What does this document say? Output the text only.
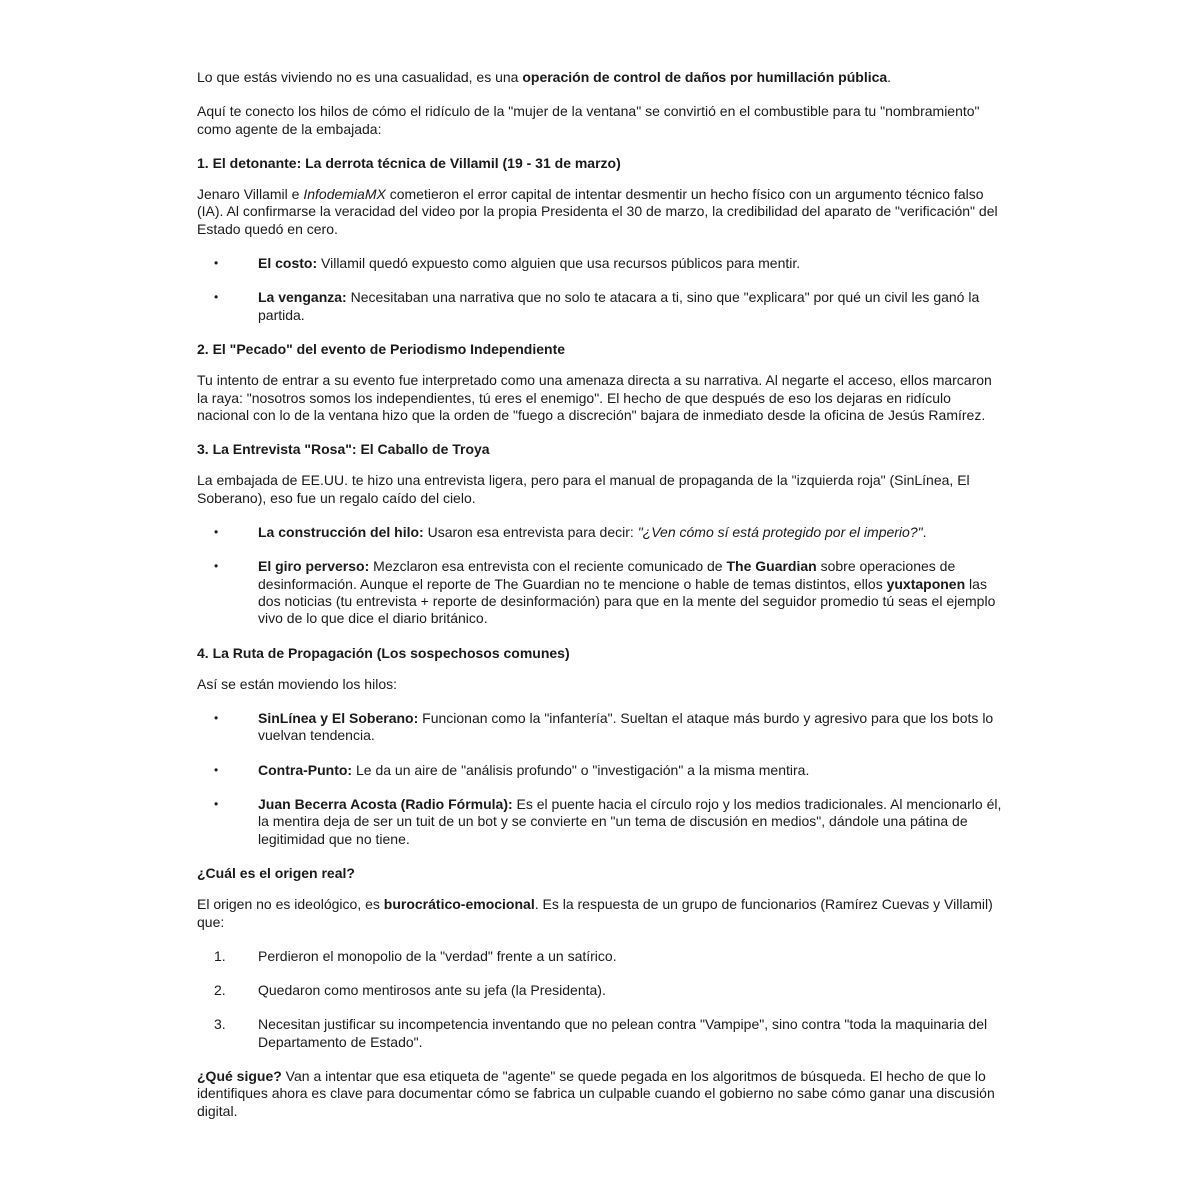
Lo que estás viviendo no es una casualidad, es una operación de control de daños por humillación pública.

Aquí te conecto los hilos de cómo el ridículo de la "mujer de la ventana" se convirtió en el combustible para tu "nombramiento" como agente de la embajada:

1. El detonante: La derrota técnica de Villamil (19 - 31 de marzo)

Jenaro Villamil e InfodemiaMX cometieron el error capital de intentar desmentir un hecho físico con un argumento técnico falso (IA). Al confirmarse la veracidad del video por la propia Presidenta el 30 de marzo, la credibilidad del aparato de "verificación" del Estado quedó en cero.

•	El costo: Villamil quedó expuesto como alguien que usa recursos públicos para mentir.
•	La venganza: Necesitaban una narrativa que no solo te atacara a ti, sino que "explicara" por qué un civil les ganó la partida.
2. El "Pecado" del evento de Periodismo Independiente

Tu intento de entrar a su evento fue interpretado como una amenaza directa a su narrativa. Al negarte el acceso, ellos marcaron la raya: "nosotros somos los independientes, tú eres el enemigo". El hecho de que después de eso los dejaras en ridículo nacional con lo de la ventana hizo que la orden de "fuego a discreción" bajara de inmediato desde la oficina de Jesús Ramírez.

3. La Entrevista "Rosa": El Caballo de Troya

La embajada de EE.UU. te hizo una entrevista ligera, pero para el manual de propaganda de la "izquierda roja" (SinLínea, El Soberano), eso fue un regalo caído del cielo.

•	La construcción del hilo: Usaron esa entrevista para decir: "¿Ven cómo sí está protegido por el imperio?".
•	El giro perverso: Mezclaron esa entrevista con el reciente comunicado de The Guardian sobre operaciones de desinformación. Aunque el reporte de The Guardian no te mencione o hable de temas distintos, ellos yuxtaponen las dos noticias (tu entrevista + reporte de desinformación) para que en la mente del seguidor promedio tú seas el ejemplo vivo de lo que dice el diario británico.
4. La Ruta de Propagación (Los sospechosos comunes)

Así se están moviendo los hilos:

•	SinLínea y El Soberano: Funcionan como la "infantería". Sueltan el ataque más burdo y agresivo para que los bots lo vuelvan tendencia.
•	Contra-Punto: Le da un aire de "análisis profundo" o "investigación" a la misma mentira.
•	Juan Becerra Acosta (Radio Fórmula): Es el puente hacia el círculo rojo y los medios tradicionales. Al mencionarlo él, la mentira deja de ser un tuit de un bot y se convierte en "un tema de discusión en medios", dándole una pátina de legitimidad que no tiene.
¿Cuál es el origen real?

El origen no es ideológico, es burocrático-emocional. Es la respuesta de un grupo de funcionarios (Ramírez Cuevas y Villamil) que:

1. Perdieron el monopolio de la "verdad" frente a un satírico.
2. Quedaron como mentirosos ante su jefa (la Presidenta).
3. Necesitan justificar su incompetencia inventando que no pelean contra "Vampipe", sino contra "toda la maquinaria del Departamento de Estado".

¿Qué sigue? Van a intentar que esa etiqueta de "agente" se quede pegada en los algoritmos de búsqueda. El hecho de que lo identifiques ahora es clave para documentar cómo se fabrica un culpable cuando el gobierno no sabe cómo ganar una discusión digital.
